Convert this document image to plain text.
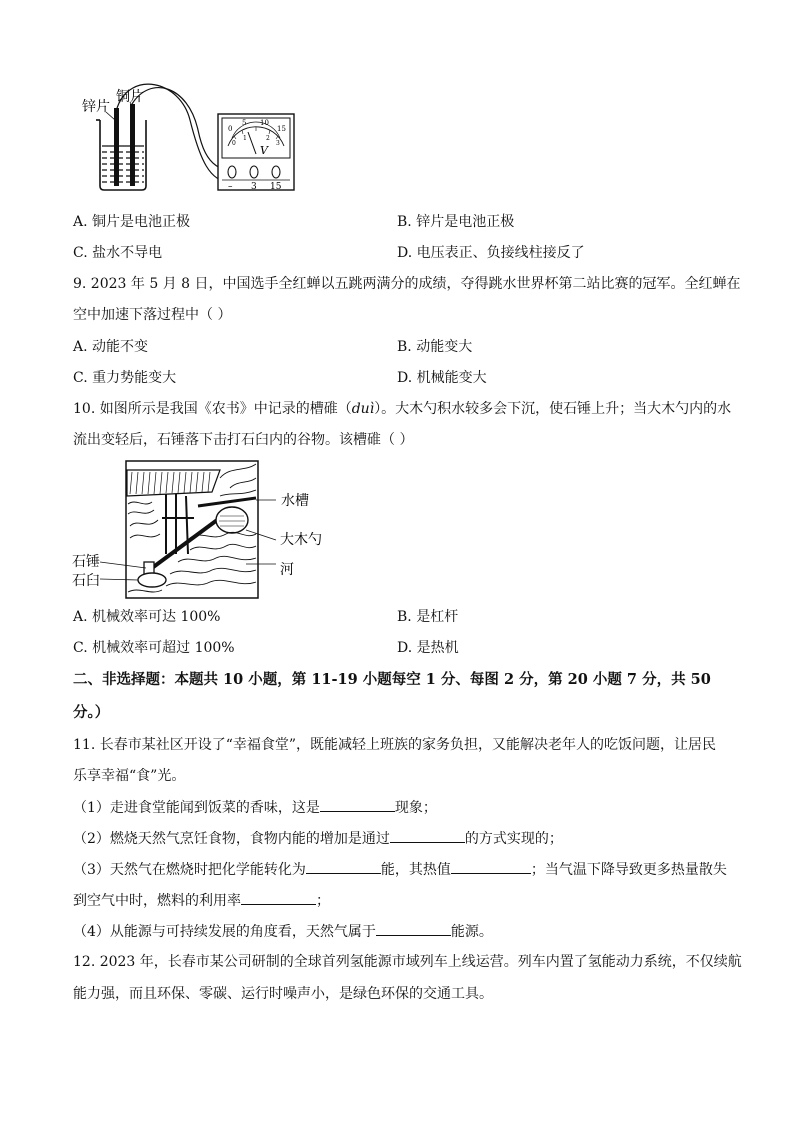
锌片
铜片
0
5 10
15
0
1	2
3
V
– 3 15
A. 铜片是电池正极	B. 锌片是电池正极
C. 盐水不导电	D. 电压表正、负接线柱接反了
9. 2023 年 5 月 8 日，中国选手全红蝉以五跳两满分的成绩，夺得跳水世界杯第二站比赛的冠军。全红蝉在
空中加速下落过程中（ ）
A. 动能不变	B. 动能变大
C. 重力势能变大	D. 机械能变大
10. 如图所示是我国《农书》中记录的槽碓（duì）。大木勺积水较多会下沉，使石锤上升；当大木勺内的水
流出变轻后，石锤落下击打石臼内的谷物。该槽碓（ ）
水槽
大木勺
河
石锤
石臼
A. 机械效率可达 100%	B. 是杠杆
C. 机械效率可超过 100%	D. 是热机
二、非选择题：本题共 10 小题，第 11-19 小题每空 1 分、每图 2 分，第 20 小题 7 分，共 50
分。）
11. 长春市某社区开设了“幸福食堂”，既能减轻上班族的家务负担，又能解决老年人的吃饭问题，让居民
乐享幸福“食”光。
（1）走进食堂能闻到饭菜的香味，这是	现象；
（2）燃烧天然气烹饪食物，食物内能的增加是通过	的方式实现的；
（3）天然气在燃烧时把化学能转化为	能，其热值	；当气温下降导致更多热量散失
到空气中时，燃料的利用率	；
（4）从能源与可持续发展的角度看，天然气属于	能源。
12. 2023 年，长春市某公司研制的全球首列氢能源市域列车上线运营。列车内置了氢能动力系统，不仅续航
能力强，而且环保、零碳、运行时噪声小，是绿色环保的交通工具。
